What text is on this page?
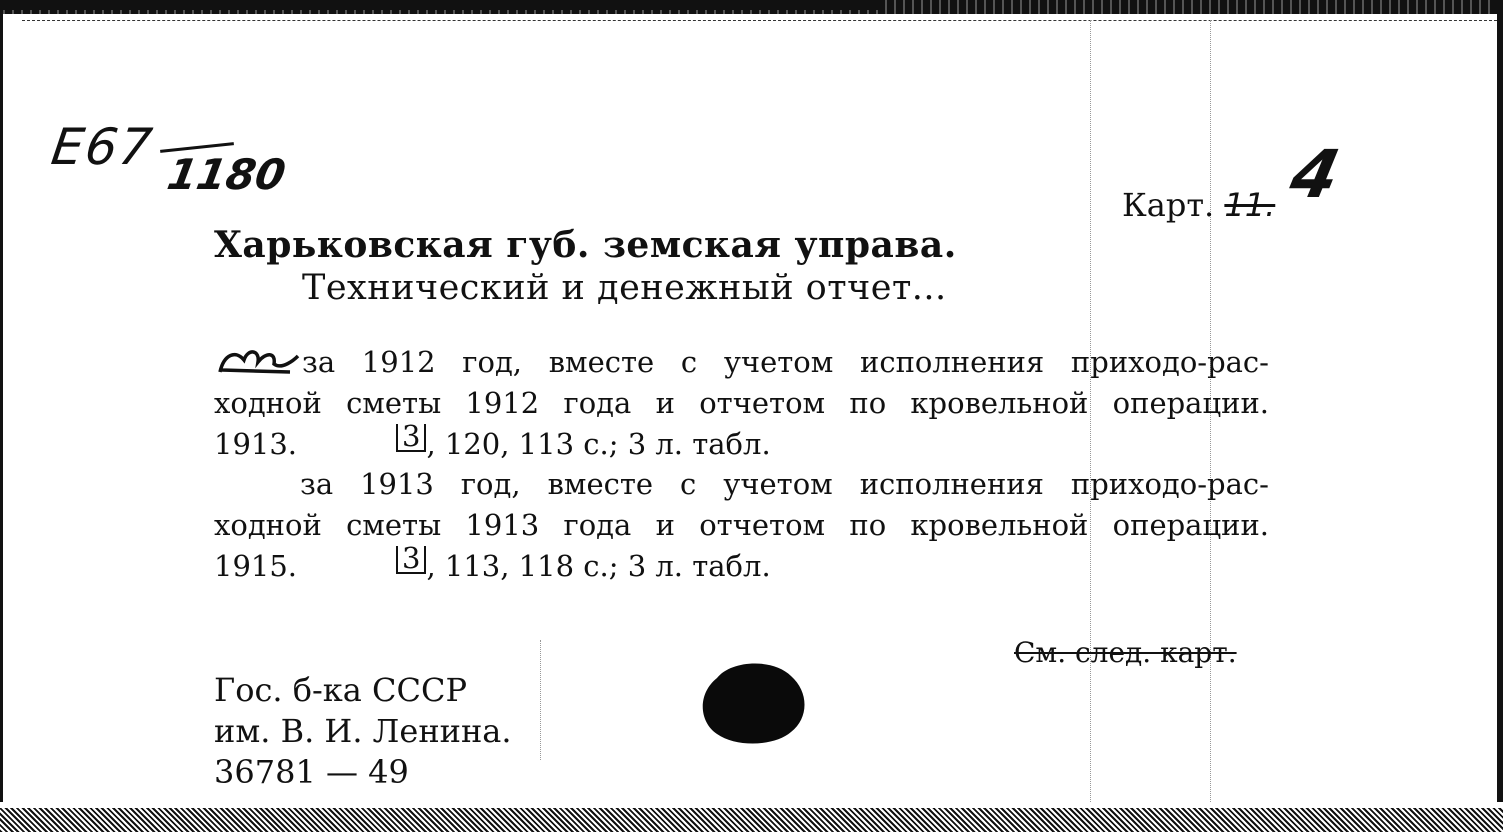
Е67 1180
Карт. 11. 4
Харьковская губ. земская управа.
Технический и денежный отчет...
за 1912 год, вместе с учетом исполнения приходо-рас-
ходной сметы 1912 года и отчетом по кровельной операции.
1913.	3 , 120, 113 с.; 3 л. табл.
за 1913 год, вместе с учетом исполнения приходо-рас-
ходной сметы 1913 года и отчетом по кровельной операции.
1915.	3 , 113, 118 с.; 3 л. табл.
См. след. карт.
Гос. б-ка СССР
им. В. И. Ленина.
36781 — 49
